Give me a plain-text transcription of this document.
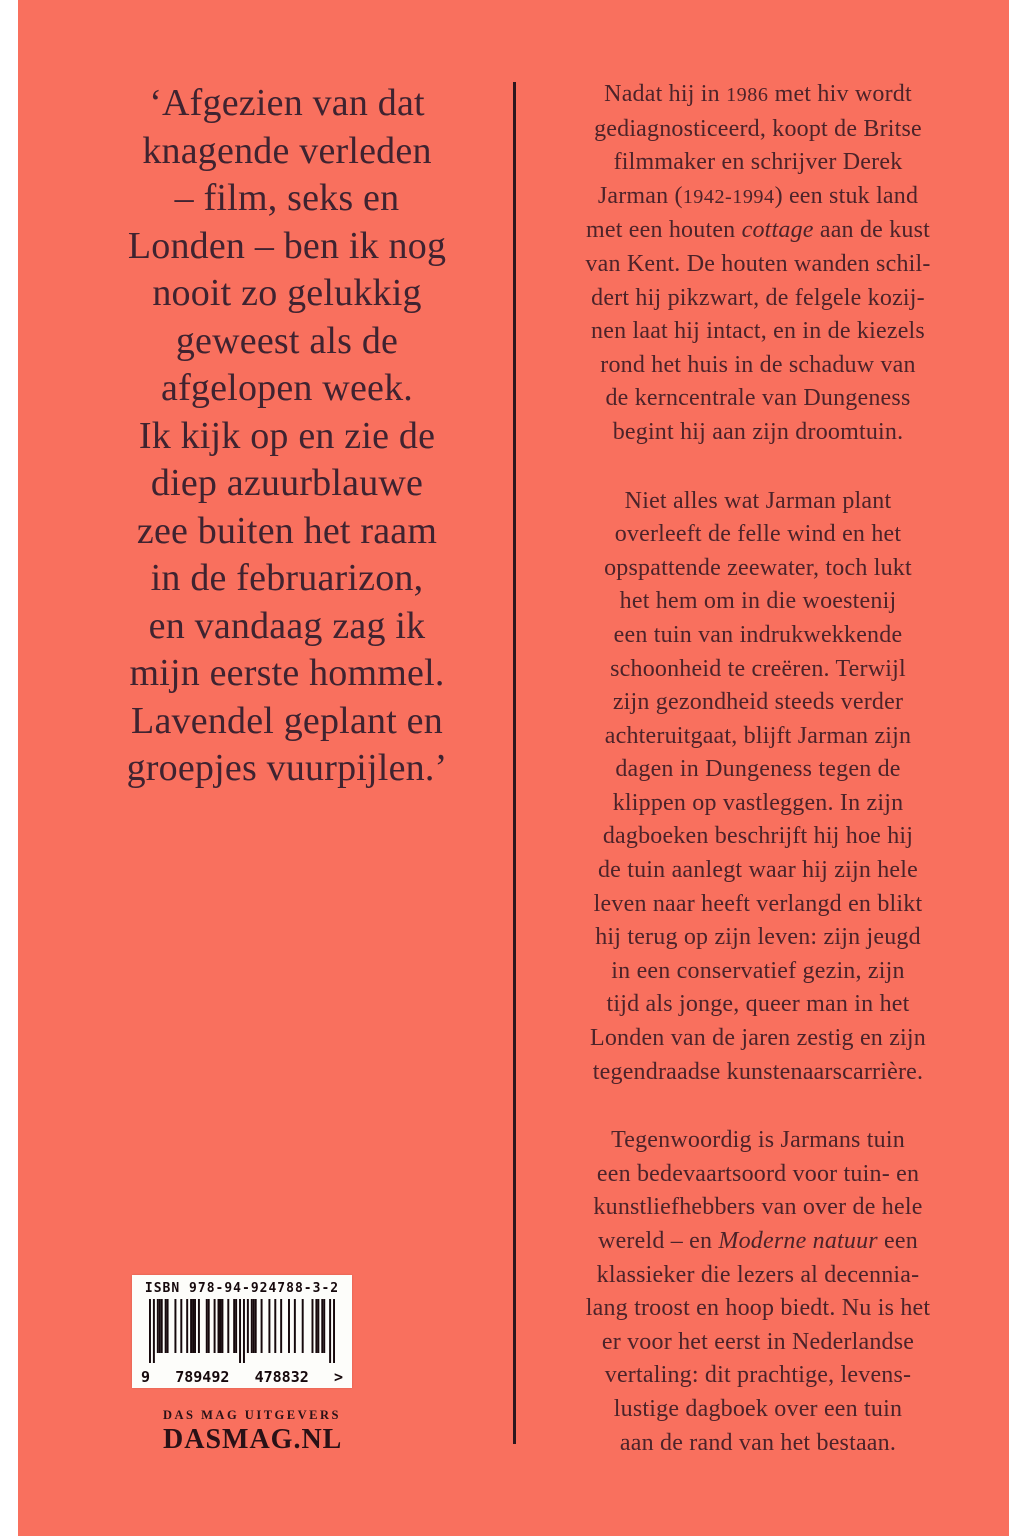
‘Afgezien van dat
knagende verleden
– film, seks en
Londen – ben ik nog
nooit zo gelukkig
geweest als de
afgelopen week.
Ik kijk op en zie de
diep azuurblauwe
zee buiten het raam
in de februarizon,
en vandaag zag ik
mijn eerste hommel.
Lavendel geplant en
groepjes vuurpijlen.’
Nadat hij in 1986 met hiv wordt
gediagnosticeerd, koopt de Britse
filmmaker en schrijver Derek
Jarman (1942-1994) een stuk land
met een houten cottage aan de kust
van Kent. De houten wanden schil-
dert hij pikzwart, de felgele kozij-
nen laat hij intact, en in de kiezels
rond het huis in de schaduw van
de kerncentrale van Dungeness
begint hij aan zijn droomtuin.
Niet alles wat Jarman plant
overleeft de felle wind en het
opspattende zeewater, toch lukt
het hem om in die woestenij
een tuin van indrukwekkende
schoonheid te creëren. Terwijl
zijn gezondheid steeds verder
achteruitgaat, blijft Jarman zijn
dagen in Dungeness tegen de
klippen op vastleggen. In zijn
dagboeken beschrijft hij hoe hij
de tuin aanlegt waar hij zijn hele
leven naar heeft verlangd en blikt
hij terug op zijn leven: zijn jeugd
in een conservatief gezin, zijn
tijd als jonge, queer man in het
Londen van de jaren zestig en zijn
tegendraadse kunstenaarscarrière.
Tegenwoordig is Jarmans tuin
een bedevaartsoord voor tuin- en
kunstliefhebbers van over de hele
wereld – en Moderne natuur een
klassieker die lezers al decennia-
lang troost en hoop biedt. Nu is het
er voor het eerst in Nederlandse
vertaling: dit prachtige, levens-
lustige dagboek over een tuin
aan de rand van het bestaan.
ISBN 978-94-924788-3-2
9 789492 478832 >
DAS MAG UITGEVERS
DASMAG.NL
